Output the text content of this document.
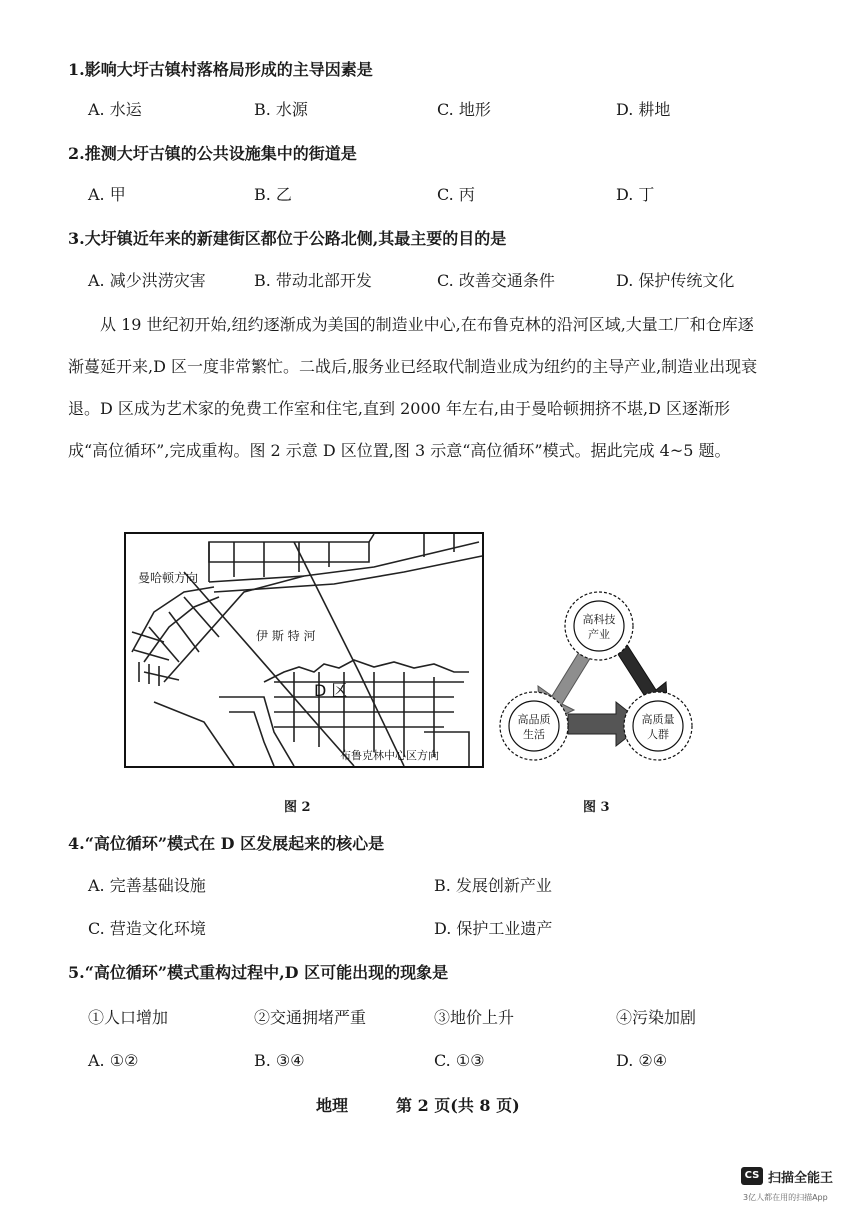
1.影响大圩古镇村落格局形成的主导因素是
A. 水运	B. 水源	C. 地形	D. 耕地
2.推测大圩古镇的公共设施集中的街道是
A. 甲	B. 乙	C. 丙	D. 丁
3.大圩镇近年来的新建街区都位于公路北侧,其最主要的目的是
A. 减少洪涝灾害	B. 带动北部开发	C. 改善交通条件	D. 保护传统文化
从 19 世纪初开始,纽约逐渐成为美国的制造业中心,在布鲁克林的沿河区域,大量工厂和仓库逐渐蔓延开来,D 区一度非常繁忙。二战后,服务业已经取代制造业成为纽约的主导产业,制造业出现衰退。D 区成为艺术家的免费工作室和住宅,直到 2000 年左右,由于曼哈顿拥挤不堪,D 区逐渐形成“高位循环”,完成重构。图 2 示意 D 区位置,图 3 示意“高位循环”模式。据此完成 4~5 题。
曼哈顿方向
伊 斯 特 河
D 区
布鲁克林中心区方向
图 2
高科技
产业
高品质
生活
高质量
人群
图 3
4.“高位循环”模式在 D 区发展起来的核心是
A. 完善基础设施	B. 发展创新产业
C. 营造文化环境	D. 保护工业遗产
5.“高位循环”模式重构过程中,D 区可能出现的现象是
①人口增加	②交通拥堵严重	③地价上升	④污染加剧
A. ①②	B. ③④	C. ①③	D. ②④
地理	第 2 页(共 8 页)
CS 扫描全能王
3亿人都在用的扫描App
